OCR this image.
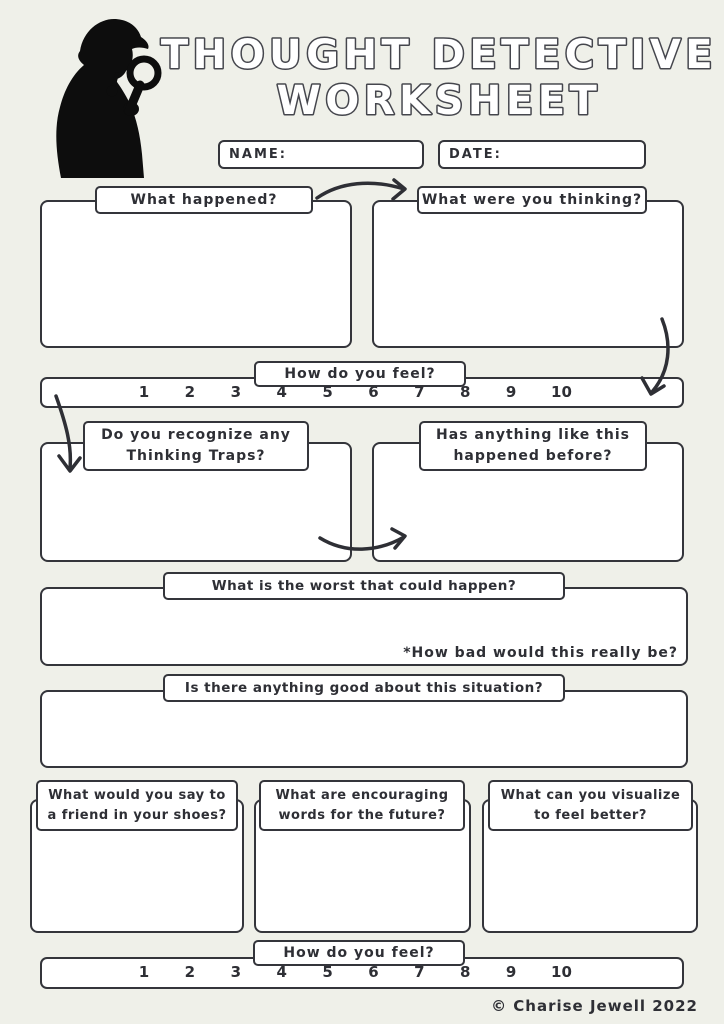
THOUGHT DETECTIVE
WORKSHEET
NAME:	DATE:
What happened?	What were you thinking?
How do you feel?
1 2 3 4 5 6 7 8 9 10
Do you recognize any
Thinking Traps?
Has anything like this
happened before?
What is the worst that could happen?
*How bad would this really be?
Is there anything good about this situation?
What would you say to
a friend in your shoes?
What are encouraging
words for the future?
What can you visualize
to feel better?
How do you feel?
1 2 3 4 5 6 7 8 9 10
© Charise Jewell 2022
